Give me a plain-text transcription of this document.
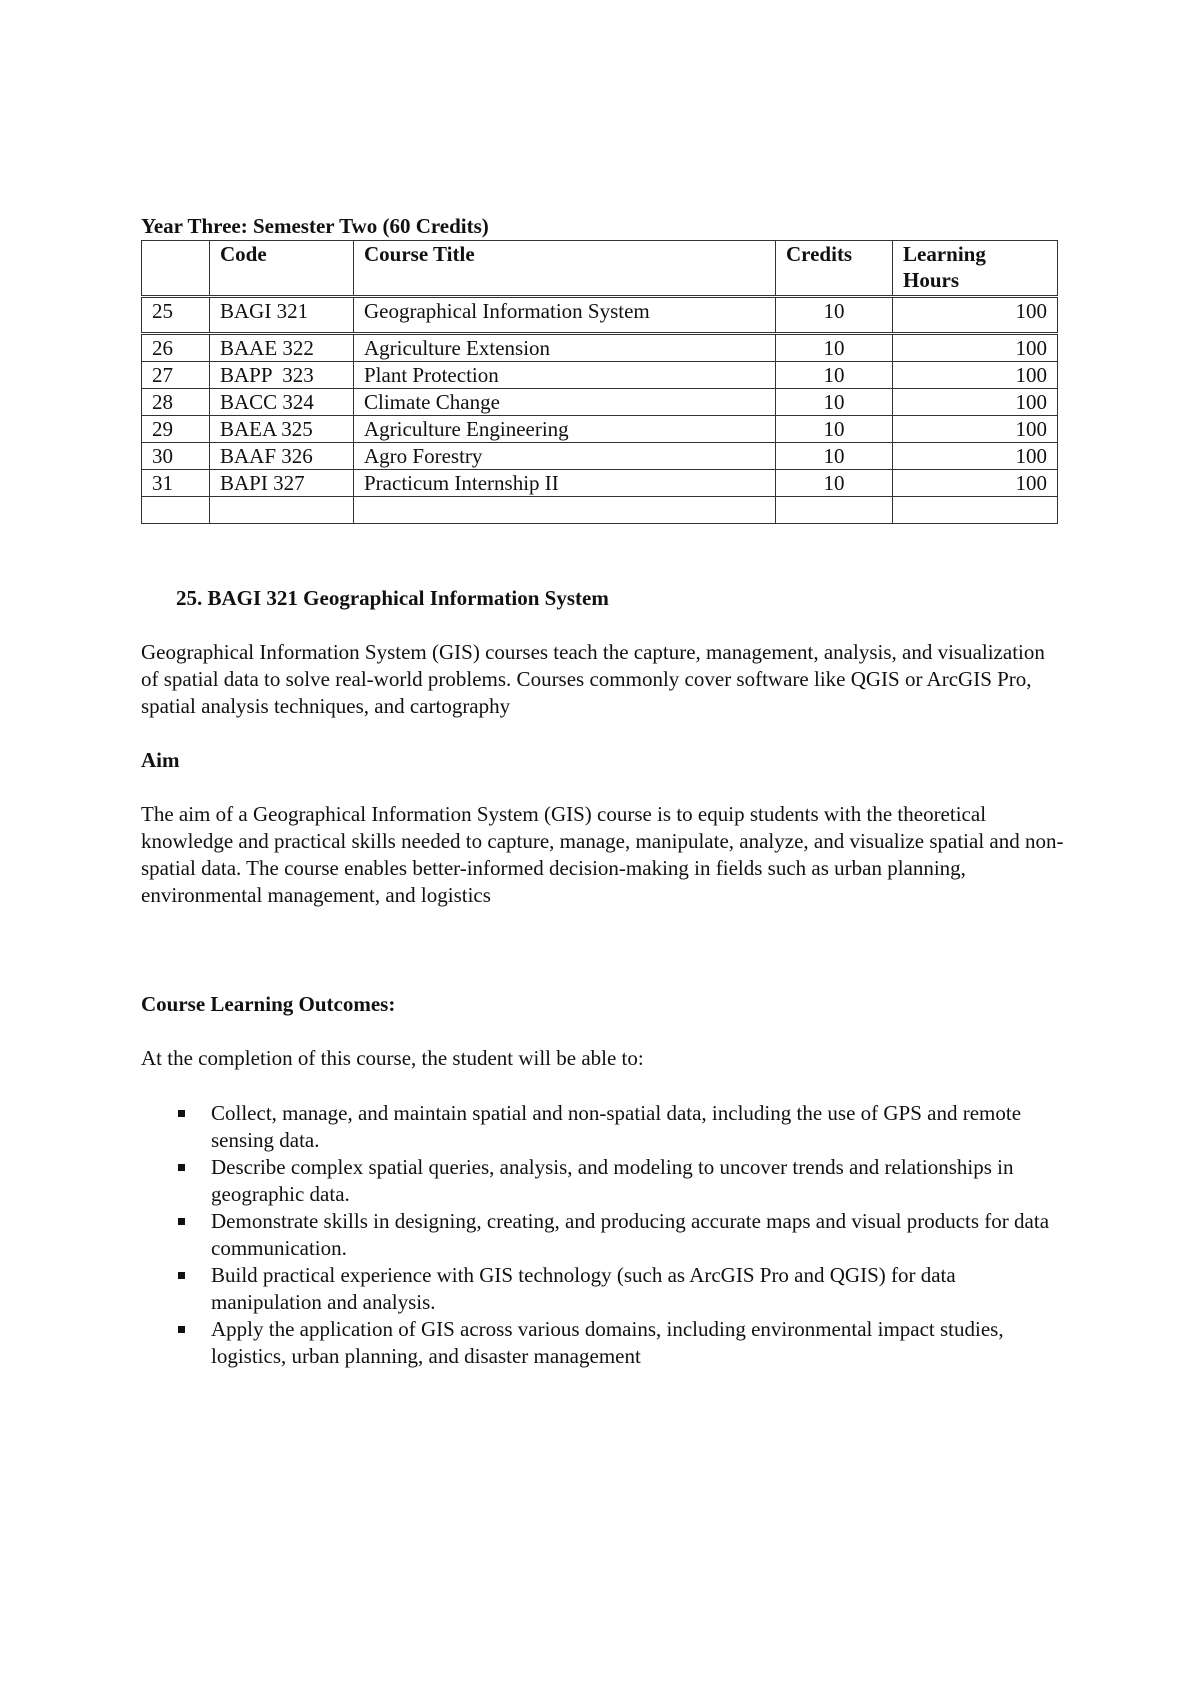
Year Three: Semester Two (60 Credits)
	Code	Course Title	Credits	Learning Hours
25	BAGI 321	Geographical Information System	10	100
26	BAAE 322	Agriculture Extension	10	100
27	BAPP  323	Plant Protection	10	100
28	BACC 324	Climate Change	10	100
29	BAEA 325	Agriculture Engineering	10	100
30	BAAF 326	Agro Forestry	10	100
31	BAPI 327	Practicum Internship II	10	100

25. BAGI 321 Geographical Information System

Geographical Information System (GIS) courses teach the capture, management, analysis, and visualization of spatial data to solve real-world problems. Courses commonly cover software like QGIS or ArcGIS Pro, spatial analysis techniques, and cartography

Aim

The aim of a Geographical Information System (GIS) course is to equip students with the theoretical knowledge and practical skills needed to capture, manage, manipulate, analyze, and visualize spatial and non-spatial data. The course enables better-informed decision-making in fields such as urban planning, environmental management, and logistics

Course Learning Outcomes:

At the completion of this course, the student will be able to:

Collect, manage, and maintain spatial and non-spatial data, including the use of GPS and remote sensing data.
Describe complex spatial queries, analysis, and modeling to uncover trends and relationships in geographic data.
Demonstrate skills in designing, creating, and producing accurate maps and visual products for data communication.
Build practical experience with GIS technology (such as ArcGIS Pro and QGIS) for data manipulation and analysis.
Apply the application of GIS across various domains, including environmental impact studies, logistics, urban planning, and disaster management
